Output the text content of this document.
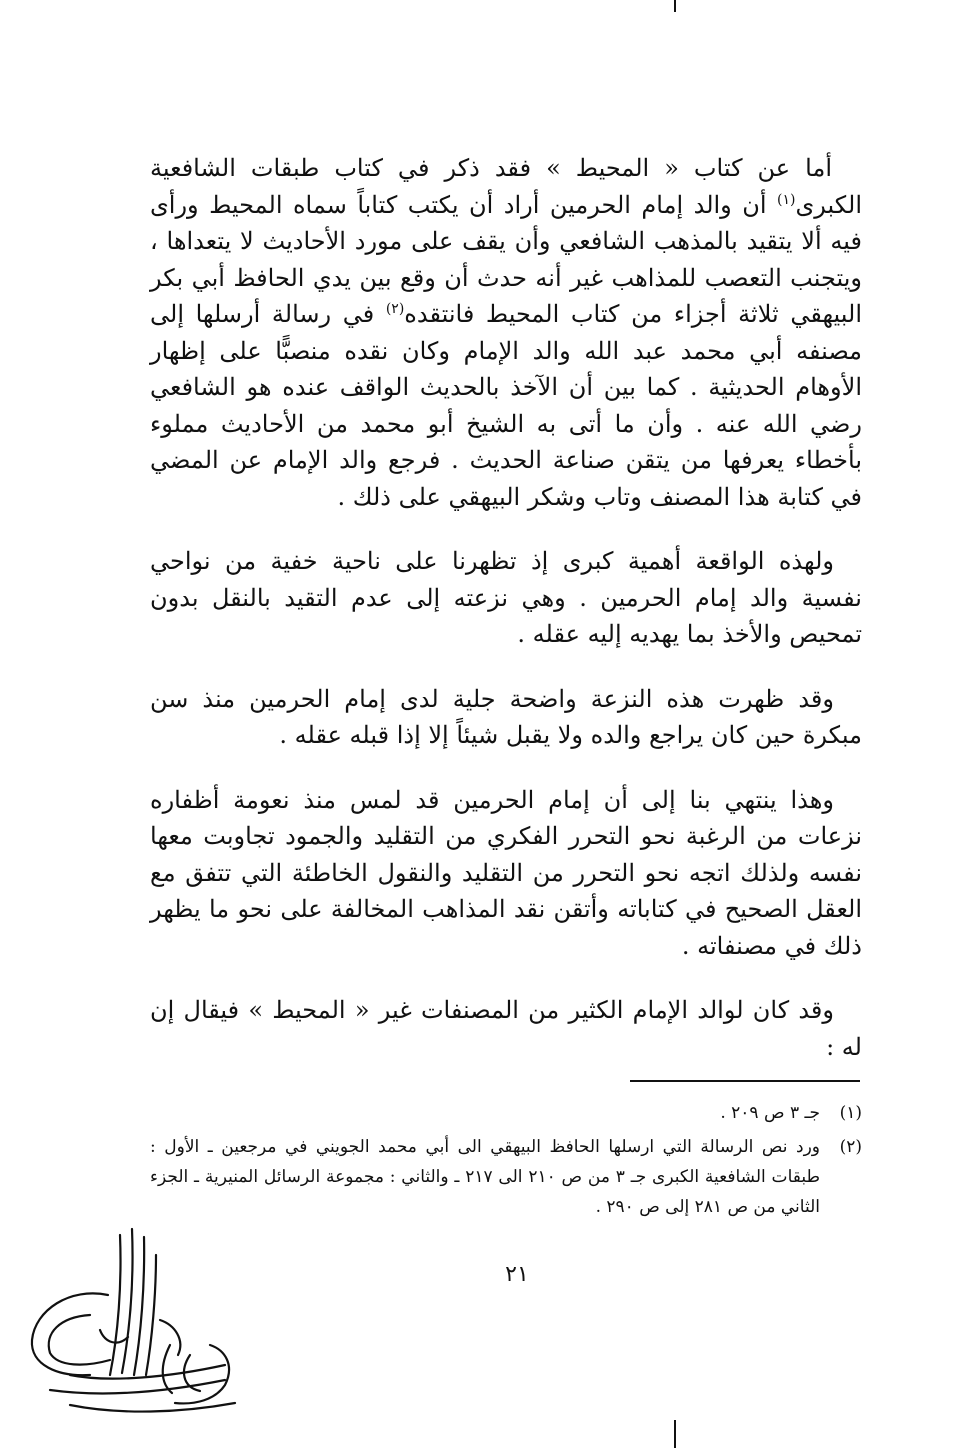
أما عن كتاب « المحيط » فقد ذكر في كتاب طبقات الشافعية الكبرى$^{(١)}$ أن والد إمام الحرمين أراد أن يكتب كتاباً سماه المحيط ورأى فيه ألا يتقيد بالمذهب الشافعي وأن يقف على مورد الأحاديث لا يتعداها ، ويتجنب التعصب للمذاهب غير أنه حدث أن وقع بين يدي الحافظ أبي بكر البيهقي ثلاثة أجزاء من كتاب المحيط فانتقده$^{(٢)}$ في رسالة أرسلها إلى مصنفه أبي محمد عبد الله والد الإمام وكان نقده منصبًّا على إظهار الأوهام الحديثية . كما بين أن الآخذ بالحديث الواقف عنده هو الشافعي رضي الله عنه . وأن ما أتى به الشيخ أبو محمد من الأحاديث مملوء بأخطاء يعرفها من يتقن صناعة الحديث . فرجع والد الإمام عن المضي في كتابة هذا المصنف وتاب وشكر البيهقي على ذلك .

ولهذه الواقعة أهمية كبرى إذ تظهرنا على ناحية خفية من نواحي نفسية والد إمام الحرمين . وهي نزعته إلى عدم التقيد بالنقل بدون تمحيص والأخذ بما يهديه إليه عقله .

وقد ظهرت هذه النزعة واضحة جلية لدى إمام الحرمين منذ سن مبكرة حين كان يراجع والده ولا يقبل شيئاً إلا إذا قبله عقله .

وهذا ينتهي بنا إلى أن إمام الحرمين قد لمس منذ نعومة أظفاره نزعات من الرغبة نحو التحرر الفكري من التقليد والجمود تجاوبت معها نفسه ولذلك اتجه نحو التحرر من التقليد والنقول الخاطئة التي تتفق مع العقل الصحيح في كتاباته وأتقن نقد المذاهب المخالفة على نحو ما يظهر ذلك في مصنفاته .

وقد كان لوالد الإمام الكثير من المصنفات غير « المحيط » فيقال إن له :

(١)
جـ ٣ ص ٢٠٩ .
(٢)
ورد نص الرسالة التي ارسلها الحافظ البيهقي الى أبي محمد الجويني في مرجعين ـ الأول : طبقات الشافعية الكبرى جـ ٣ من ص ٢١٠ الى ٢١٧ ـ والثاني : مجموعة الرسائل المنيرية ـ الجزء الثاني من ص ٢٨١ إلى ص ٢٩٠ .
٢١
